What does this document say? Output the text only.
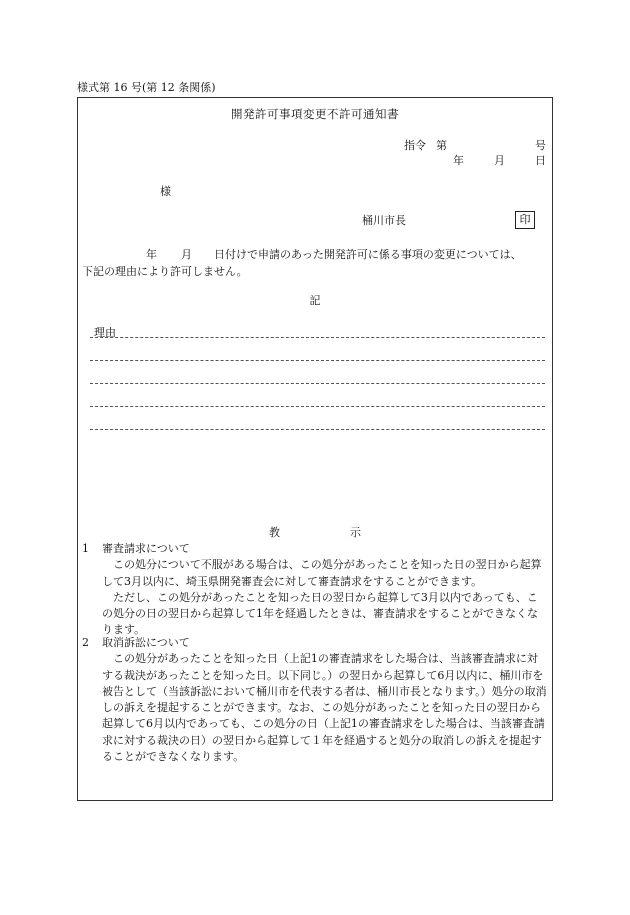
様式第 16 号(第 12 条関係)
開発許可事項変更不許可通知書
指令 第	号
年	月	日
様
桶川市長	印
年 月 日付けで申請のあった開発許可に係る事項の変更については、
下記の理由により許可しません。
記
理由
教	示
1	審査請求について
この処分について不服がある場合は、この処分があったことを知った日の翌日から起算して3月以内に、埼玉県開発審査会に対して審査請求をすることができます。
ただし、この処分があったことを知った日の翌日から起算して3月以内であっても、この処分の日の翌日から起算して1年を経過したときは、審査請求をすることができなくなります。
2	取消訴訟について
この処分があったことを知った日（上記1の審査請求をした場合は、当該審査請求に対する裁決があったことを知った日。以下同じ。）の翌日から起算して6月以内に、桶川市を被告として（当該訴訟において桶川市を代表する者は、桶川市長となります。）処分の取消しの訴えを提起することができます。なお、この処分があったことを知った日の翌日から起算して6月以内であっても、この処分の日（上記1の審査請求をした場合は、当該審査請求に対する裁決の日）の翌日から起算して１年を経過すると処分の取消しの訴えを提起することができなくなります。
